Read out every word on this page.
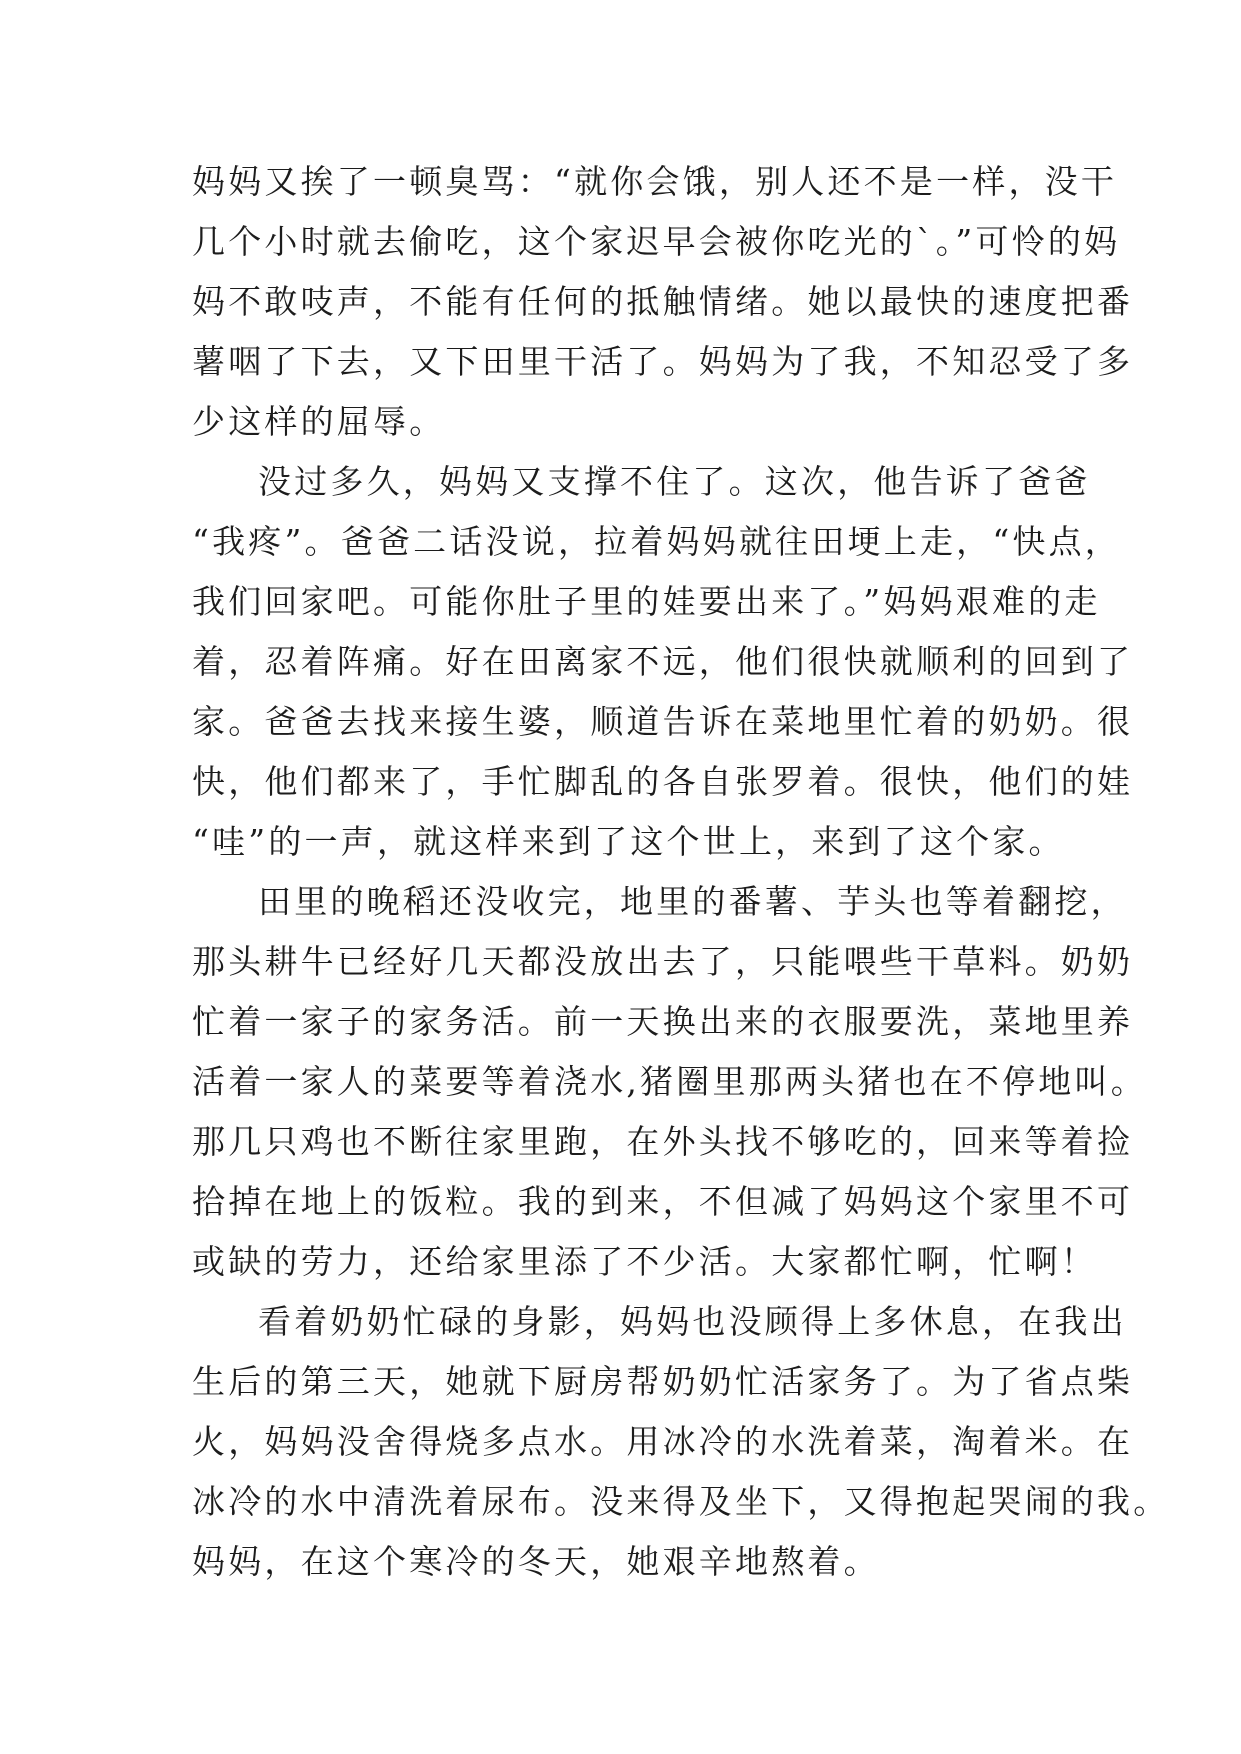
妈妈又挨了一顿臭骂：“就你会饿，别人还不是一样，没干
几个小时就去偷吃，这个家迟早会被你吃光的`。”可怜的妈
妈不敢吱声，不能有任何的抵触情绪。她以最快的速度把番
薯咽了下去，又下田里干活了。妈妈为了我，不知忍受了多
少这样的屈辱。
没过多久，妈妈又支撑不住了。这次，他告诉了爸爸
“我疼”。爸爸二话没说，拉着妈妈就往田埂上走，“快点，
我们回家吧。可能你肚子里的娃要出来了。”妈妈艰难的走
着，忍着阵痛。好在田离家不远，他们很快就顺利的回到了
家。爸爸去找来接生婆，顺道告诉在菜地里忙着的奶奶。很
快，他们都来了，手忙脚乱的各自张罗着。很快，他们的娃
“哇”的一声，就这样来到了这个世上，来到了这个家。
田里的晚稻还没收完，地里的番薯、芋头也等着翻挖，
那头耕牛已经好几天都没放出去了，只能喂些干草料。奶奶
忙着一家子的家务活。前一天换出来的衣服要洗，菜地里养
活着一家人的菜要等着浇水,猪圈里那两头猪也在不停地叫。
那几只鸡也不断往家里跑，在外头找不够吃的，回来等着捡
拾掉在地上的饭粒。我的到来，不但减了妈妈这个家里不可
或缺的劳力，还给家里添了不少活。大家都忙啊，忙啊！
看着奶奶忙碌的身影，妈妈也没顾得上多休息，在我出
生后的第三天，她就下厨房帮奶奶忙活家务了。为了省点柴
火，妈妈没舍得烧多点水。用冰冷的水洗着菜，淘着米。在
冰冷的水中清洗着尿布。没来得及坐下，又得抱起哭闹的我。
妈妈，在这个寒冷的冬天，她艰辛地熬着。
